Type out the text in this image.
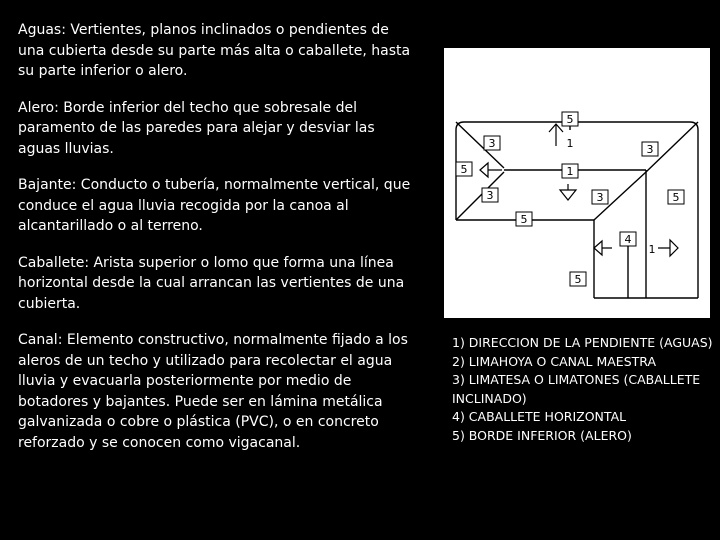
Aguas: Vertientes, planos inclinados o pendientes de una cubierta desde su parte más alta o caballete, hasta su parte inferior o alero.

Alero: Borde inferior del techo que sobresale del paramento de las paredes para alejar y desviar las aguas lluvias.

Bajante: Conducto o tubería, normalmente vertical, que conduce el agua lluvia recogida por la canoa al alcantarillado o al terreno.

Caballete: Arista superior o lomo que forma una línea horizontal desde la cual arrancan las vertientes de una cubierta.

Canal: Elemento constructivo, normalmente fijado a los aleros de un techo y utilizado para recolectar el agua lluvia y evacuarla posteriormente por medio de botadores y bajantes. Puede ser en lámina metálica galvanizada o cobre o plástica (PVC), o en concreto reforzado y se conocen como vigacanal.

5
3	1	3
5	1
3
5
3	5
4
1
5
1) DIRECCION DE LA PENDIENTE (AGUAS)
2) LIMAHOYA O CANAL MAESTRA
3) LIMATESA O LIMATONES (CABALLETE INCLINADO)
4) CABALLETE HORIZONTAL
5) BORDE INFERIOR (ALERO)
